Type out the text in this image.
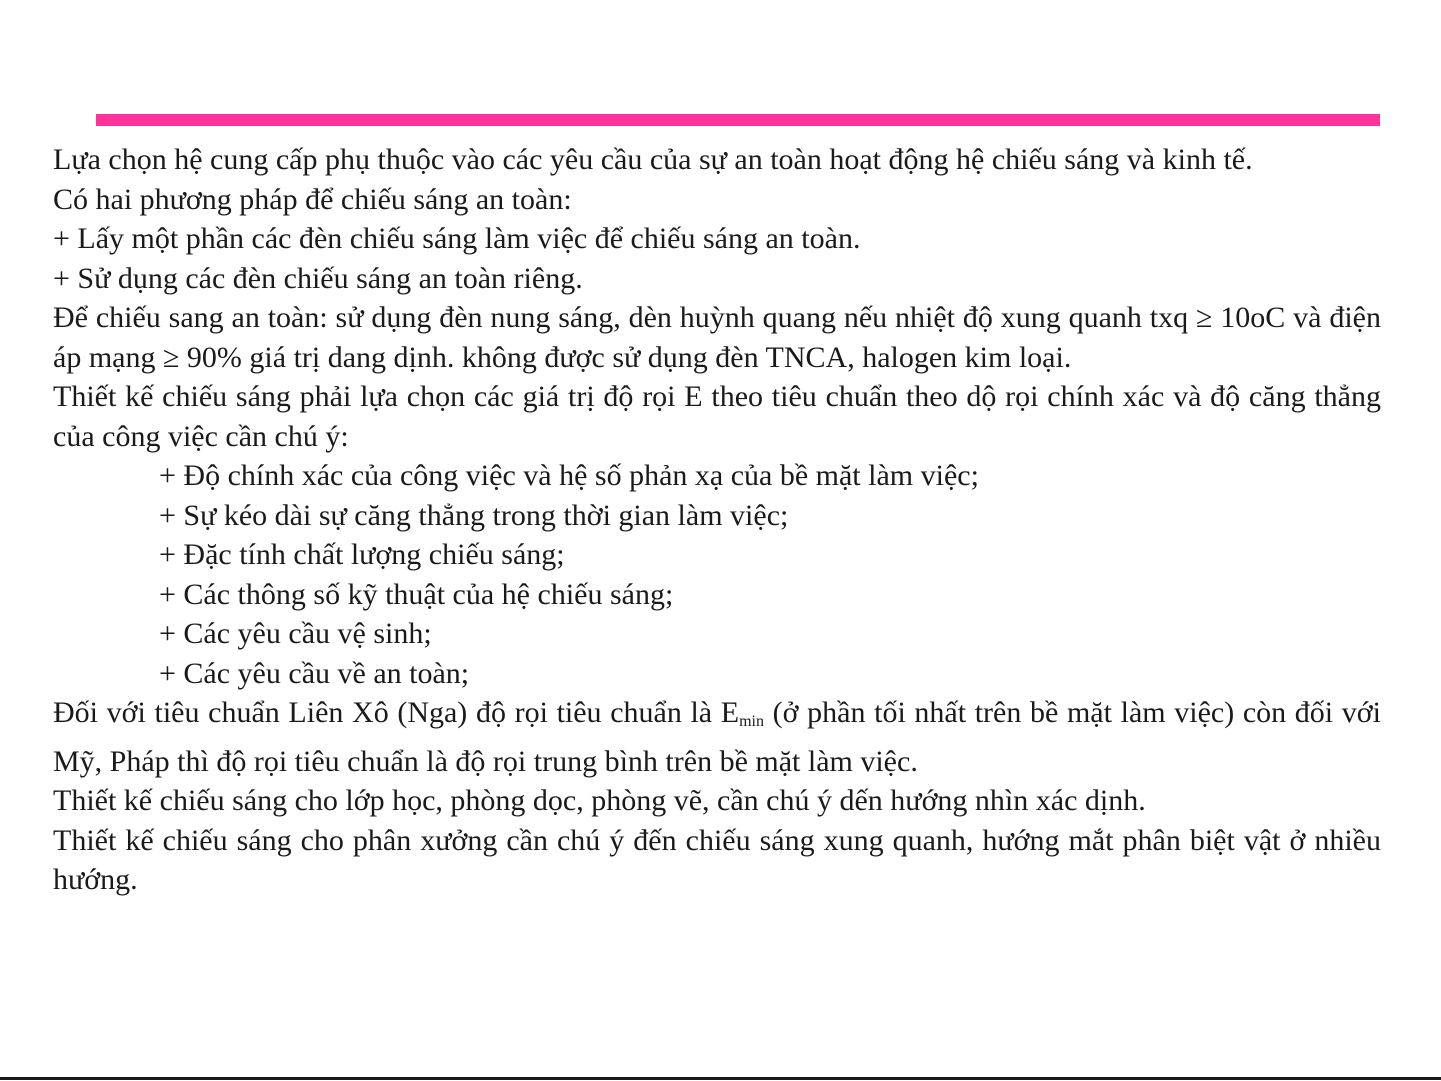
Lựa chọn hệ cung cấp phụ thuộc vào các yêu cầu của sự an toàn hoạt động hệ chiếu sáng và kinh tế.

Có hai phương pháp để chiếu sáng an toàn:

+ Lấy một phần các đèn chiếu sáng làm việc để chiếu sáng an toàn.

+ Sử dụng các đèn chiếu sáng an toàn riêng.

Để chiếu sang an toàn: sử dụng đèn nung sáng, dèn huỳnh quang nếu nhiệt độ xung quanh txq ≥ 10oC và điện áp mạng ≥ 90% giá trị dang dịnh. không được sử dụng đèn TNCA, halogen kim loại.

Thiết kế chiếu sáng phải lựa chọn các giá trị độ rọi E theo tiêu chuẩn theo dộ rọi chính xác và độ căng thẳng của công việc cần chú ý:

+ Độ chính xác của công việc và hệ số phản xạ của bề mặt làm việc;

+ Sự kéo dài sự căng thẳng trong thời gian làm việc;

+ Đặc tính chất lượng chiếu sáng;

+ Các thông số kỹ thuật của hệ chiếu sáng;

+ Các yêu cầu vệ sinh;

+ Các yêu cầu về an toàn;

Đối với tiêu chuẩn Liên Xô (Nga) độ rọi tiêu chuẩn là $E_{min}$ (ở phần tối nhất trên bề mặt làm việc) còn đối với Mỹ, Pháp thì độ rọi tiêu chuẩn là độ rọi trung bình trên bề mặt làm việc.

Thiết kế chiếu sáng cho lớp học, phòng dọc, phòng vẽ, cần chú ý dến hướng nhìn xác dịnh.

Thiết kế chiếu sáng cho phân xưởng cần chú ý đến chiếu sáng xung quanh, hướng mắt phân biệt vật ở nhiều hướng.
